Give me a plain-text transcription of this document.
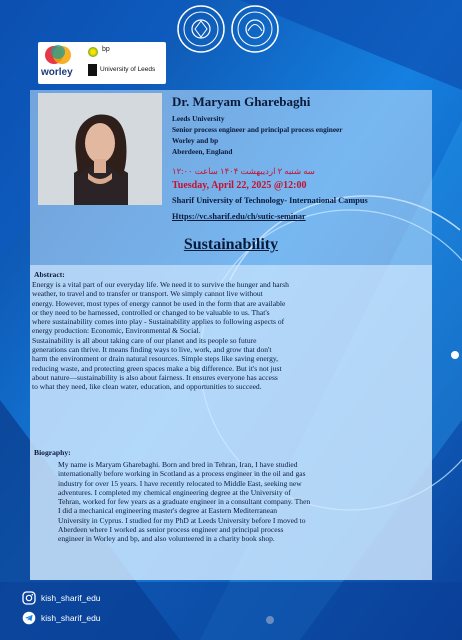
worley
bp
University of Leeds
Dr. Maryam Gharebaghi
Leeds University
Senior process engineer and principal process engineer
Worley and bp
Aberdeen, England
سه شنبه ۲ اردیبهشت ۱۴۰۴ ساعت ۱۲:۰۰
Tuesday, April 22, 2025 @12:00
Sharif University of Technology- International Campus
Https://vc.sharif.edu/ch/sutic-seminar
Sustainability
Abstract:
Energy is a vital part of our everyday life. We need it to survive the hunger and harsh
weather, to travel and to transfer or transport. We simply cannot live without
energy. However, most types of energy cannot be used in the form that are available
or they need to be harnessed, controlled or changed to be valuable to us. That's
where sustainability comes into play - Sustainability applies to following aspects of
energy production: Economic, Environmental & Social.
Sustainability is all about taking care of our planet and its people so future
generations can thrive. It means finding ways to live, work, and grow that don't
harm the environment or drain natural resources. Simple steps like saving energy,
reducing waste, and protecting green spaces make a big difference. But it's not just
about nature—sustainability is also about fairness. It ensures everyone has access
to what they need, like clean water, education, and opportunities to succeed.
Biography:
My name is Maryam Gharebaghi. Born and bred in Tehran, Iran, I have studied
internationally before working in Scotland as a process engineer in the oil and gas
industry for over 15 years. I have recently relocated to Middle East, seeking new
adventures. I completed my chemical engineering degree at the University of
Tehran, worked for few years as a graduate engineer in a consultant company. Then
I did a mechanical engineering master's degree at Eastern Mediterranean
University in Cyprus. I studied for my PhD at Leeds University before I moved to
Aberdeen where I worked as senior process engineer and principal process
engineer in Worley and bp, and also volunteered in a charity book shop.
kish_sharif_edu
kish_sharif_edu
